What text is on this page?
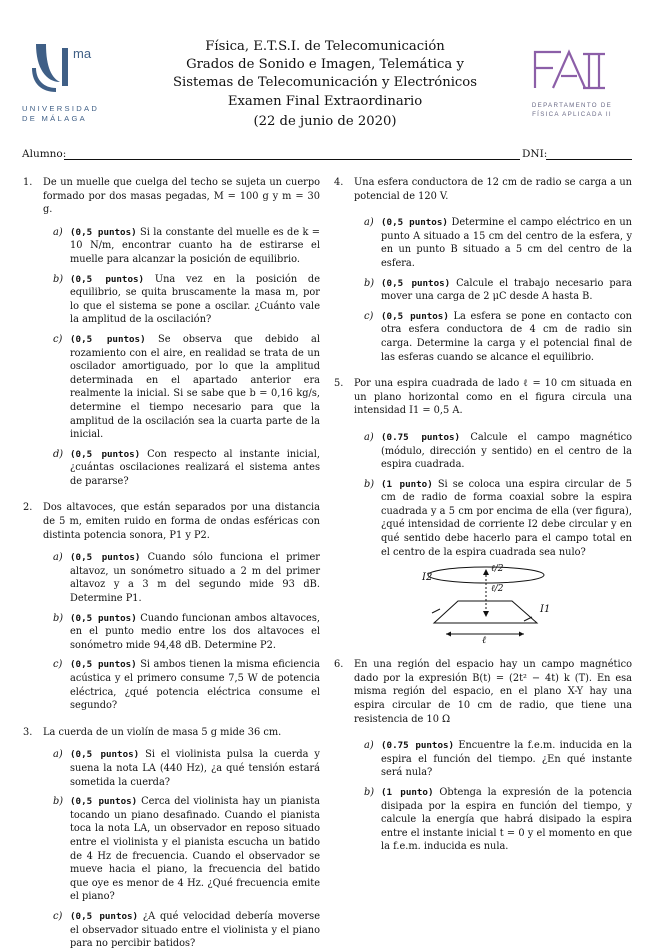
ma
UNIVERSIDAD
DE MÁLAGA
Física, E.T.S.I. de Telecomunicación
Grados de Sonido e Imagen, Telemática y
Sistemas de Telecomunicación y Electrónicos
Examen Final Extraordinario
(22 de junio de 2020)
DEPARTAMENTO DE
FÍSICA APLICADA II
Alumno:	DNI:
1. De un muelle que cuelga del techo se sujeta un cuerpo formado por dos masas pegadas, M = 100 g y m = 30 g.
a) (0,5 puntos) Si la constante del muelle es de k = 10 N/m, encontrar cuanto ha de estirarse el muelle para alcanzar la posición de equilibrio.
b) (0,5 puntos) Una vez en la posición de equilibrio, se quita bruscamente la masa m, por lo que el sistema se pone a oscilar. ¿Cuánto vale la amplitud de la oscilación?
c) (0,5 puntos) Se observa que debido al rozamiento con el aire, en realidad se trata de un oscilador amortiguado, por lo que la amplitud determinada en el apartado anterior era realmente la inicial. Si se sabe que b = 0,16 kg/s, determine el tiempo necesario para que la amplitud de la oscilación sea la cuarta parte de la inicial.
d) (0,5 puntos) Con respecto al instante inicial, ¿cuántas oscilaciones realizará el sistema antes de pararse?
2. Dos altavoces, que están separados por una distancia de 5 m, emiten ruido en forma de ondas esféricas con distinta potencia sonora, P1 y P2.
a) (0,5 puntos) Cuando sólo funciona el primer altavoz, un sonómetro situado a 2 m del primer altavoz y a 3 m del segundo mide 93 dB. Determine P1.
b) (0,5 puntos) Cuando funcionan ambos altavoces, en el punto medio entre los dos altavoces el sonómetro mide 94,48 dB. Determine P2.
c) (0,5 puntos) Si ambos tienen la misma eficiencia acústica y el primero consume 7,5 W de potencia eléctrica, ¿qué potencia eléctrica consume el segundo?
3. La cuerda de un violín de masa 5 g mide 36 cm.
a) (0,5 puntos) Si el violinista pulsa la cuerda y suena la nota LA (440 Hz), ¿a qué tensión estará sometida la cuerda?
b) (0,5 puntos) Cerca del violinista hay un pianista tocando un piano desafinado. Cuando el pianista toca la nota LA, un observador en reposo situado entre el violinista y el pianista escucha un batido de 4 Hz de frecuencia. Cuando el observador se mueve hacia el piano, la frecuencia del batido que oye es menor de 4 Hz. ¿Qué frecuencia emite el piano?
c) (0,5 puntos) ¿A qué velocidad debería moverse el observador situado entre el violinista y el piano para no percibir batidos?
4. Una esfera conductora de 12 cm de radio se carga a un potencial de 120 V.
a) (0,5 puntos) Determine el campo eléctrico en un punto A situado a 15 cm del centro de la esfera, y en un punto B situado a 5 cm del centro de la esfera.
b) (0,5 puntos) Calcule el trabajo necesario para mover una carga de 2 μC desde A hasta B.
c) (0,5 puntos) La esfera se pone en contacto con otra esfera conductora de 4 cm de radio sin carga. Determine la carga y el potencial final de las esferas cuando se alcance el equilibrio.
5. Por una espira cuadrada de lado ℓ = 10 cm situada en un plano horizontal como en el figura circula una intensidad I1 = 0,5 A.
a) (0.75 puntos) Calcule el campo magnético (módulo, dirección y sentido) en el centro de la espira cuadrada.
b) (1 punto) Si se coloca una espira circular de 5 cm de radio de forma coaxial sobre la espira cuadrada y a 5 cm por encima de ella (ver figura), ¿qué intensidad de corriente I2 debe circular y en qué sentido debe hacerlo para el campo total en el centro de la espira cuadrada sea nulo?
I2
ℓ/2
ℓ/2
I1
ℓ
6. En una región del espacio hay un campo magnético dado por la expresión B(t) = (2t² − 4t) k (T). En esa misma región del espacio, en el plano X-Y hay una espira circular de 10 cm de radio, que tiene una resistencia de 10 Ω
a) (0.75 puntos) Encuentre la f.e.m. inducida en la espira el función del tiempo. ¿En qué instante será nula?
b) (1 punto) Obtenga la expresión de la potencia disipada por la espira en función del tiempo, y calcule la energía que habrá disipado la espira entre el instante inicial t = 0 y el momento en que la f.e.m. inducida es nula.
